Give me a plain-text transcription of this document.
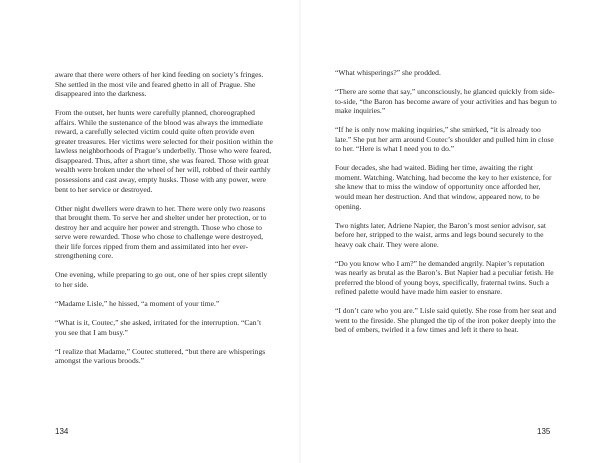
aware that there were others of her kind feeding on society’s fringes. She settled in the most vile and feared ghetto in all of Prague. She disappeared into the darkness.

From the outset, her hunts were carefully planned, choreographed affairs. While the sustenance of the blood was always the immediate reward, a carefully selected victim could quite often provide even greater treasures. Her victims were selected for their position within the lawless neighborhoods of Prague’s underbelly. Those who were feared, disappeared. Thus, after a short time, she was feared. Those with great wealth were broken under the wheel of her will, robbed of their earthly possessions and cast away, empty husks. Those with any power, were bent to her service or destroyed.

Other night dwellers were drawn to her. There were only two reasons that brought them. To serve her and shelter under her protection, or to destroy her and acquire her power and strength. Those who chose to serve were rewarded. Those who chose to challenge were destroyed, their life forces ripped from them and assimilated into her ever-strengthening core.

One evening, while preparing to go out, one of her spies crept silently to her side.

“Madame Lisle,” he hissed, “a moment of your time.”

“What is it, Coutec,” she asked, irritated for the interruption. “Can’t you see that I am busy.”

“I realize that Madame,” Coutec stuttered, “but there are whisperings amongst the various broods.”

“What whisperings?” she prodded.

“There are some that say,” unconsciously, he glanced quickly from side-to-side, “the Baron has become aware of your activities and has begun to make inquiries.”

“If he is only now making inquiries,” she smirked, “it is already too late.” She put her arm around Coutec’s shoulder and pulled him in close to her. “Here is what I need you to do.”

Four decades, she had waited. Biding her time, awaiting the right moment. Watching. Watching, had become the key to her existence, for she knew that to miss the window of opportunity once afforded her, would mean her destruction. And that window, appeared now, to be opening.

Two nights later, Adriene Napier, the Baron’s most senior advisor, sat before her, stripped to the waist, arms and legs bound securely to the heavy oak chair. They were alone.

“Do you know who I am?” he demanded angrily. Napier’s reputation was nearly as brutal as the Baron’s. But Napier had a peculiar fetish. He preferred the blood of young boys, specifically, fraternal twins. Such a refined palette would have made him easier to ensnare.

“I don’t care who you are.” Lisle said quietly. She rose from her seat and went to the fireside. She plunged the tip of the iron poker deeply into the bed of embers, twirled it a few times and left it there to heat.

134	135
